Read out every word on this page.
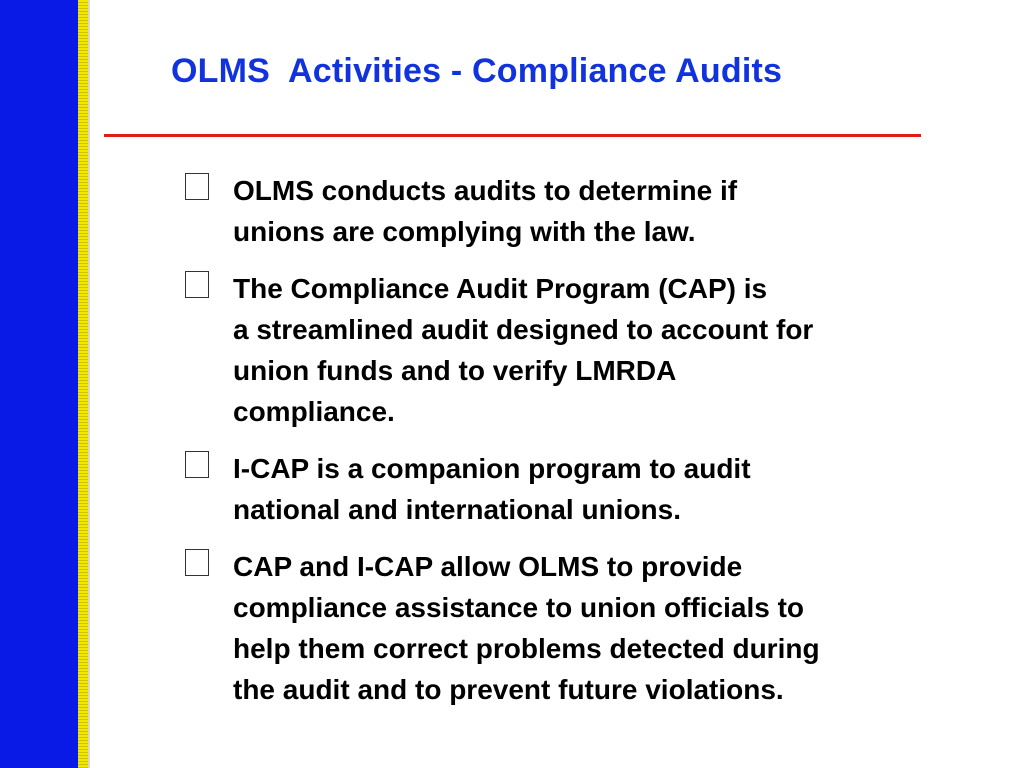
OLMS  Activities - Compliance Audits
OLMS conducts audits to determine if
unions are complying with the law.
The Compliance Audit Program (CAP) is
a streamlined audit designed to account for
union funds and to verify LMRDA
compliance.
I-CAP is a companion program to audit
national and international unions.
CAP and I-CAP allow OLMS to provide
compliance assistance to union officials to
help them correct problems detected during
the audit and to prevent future violations.
